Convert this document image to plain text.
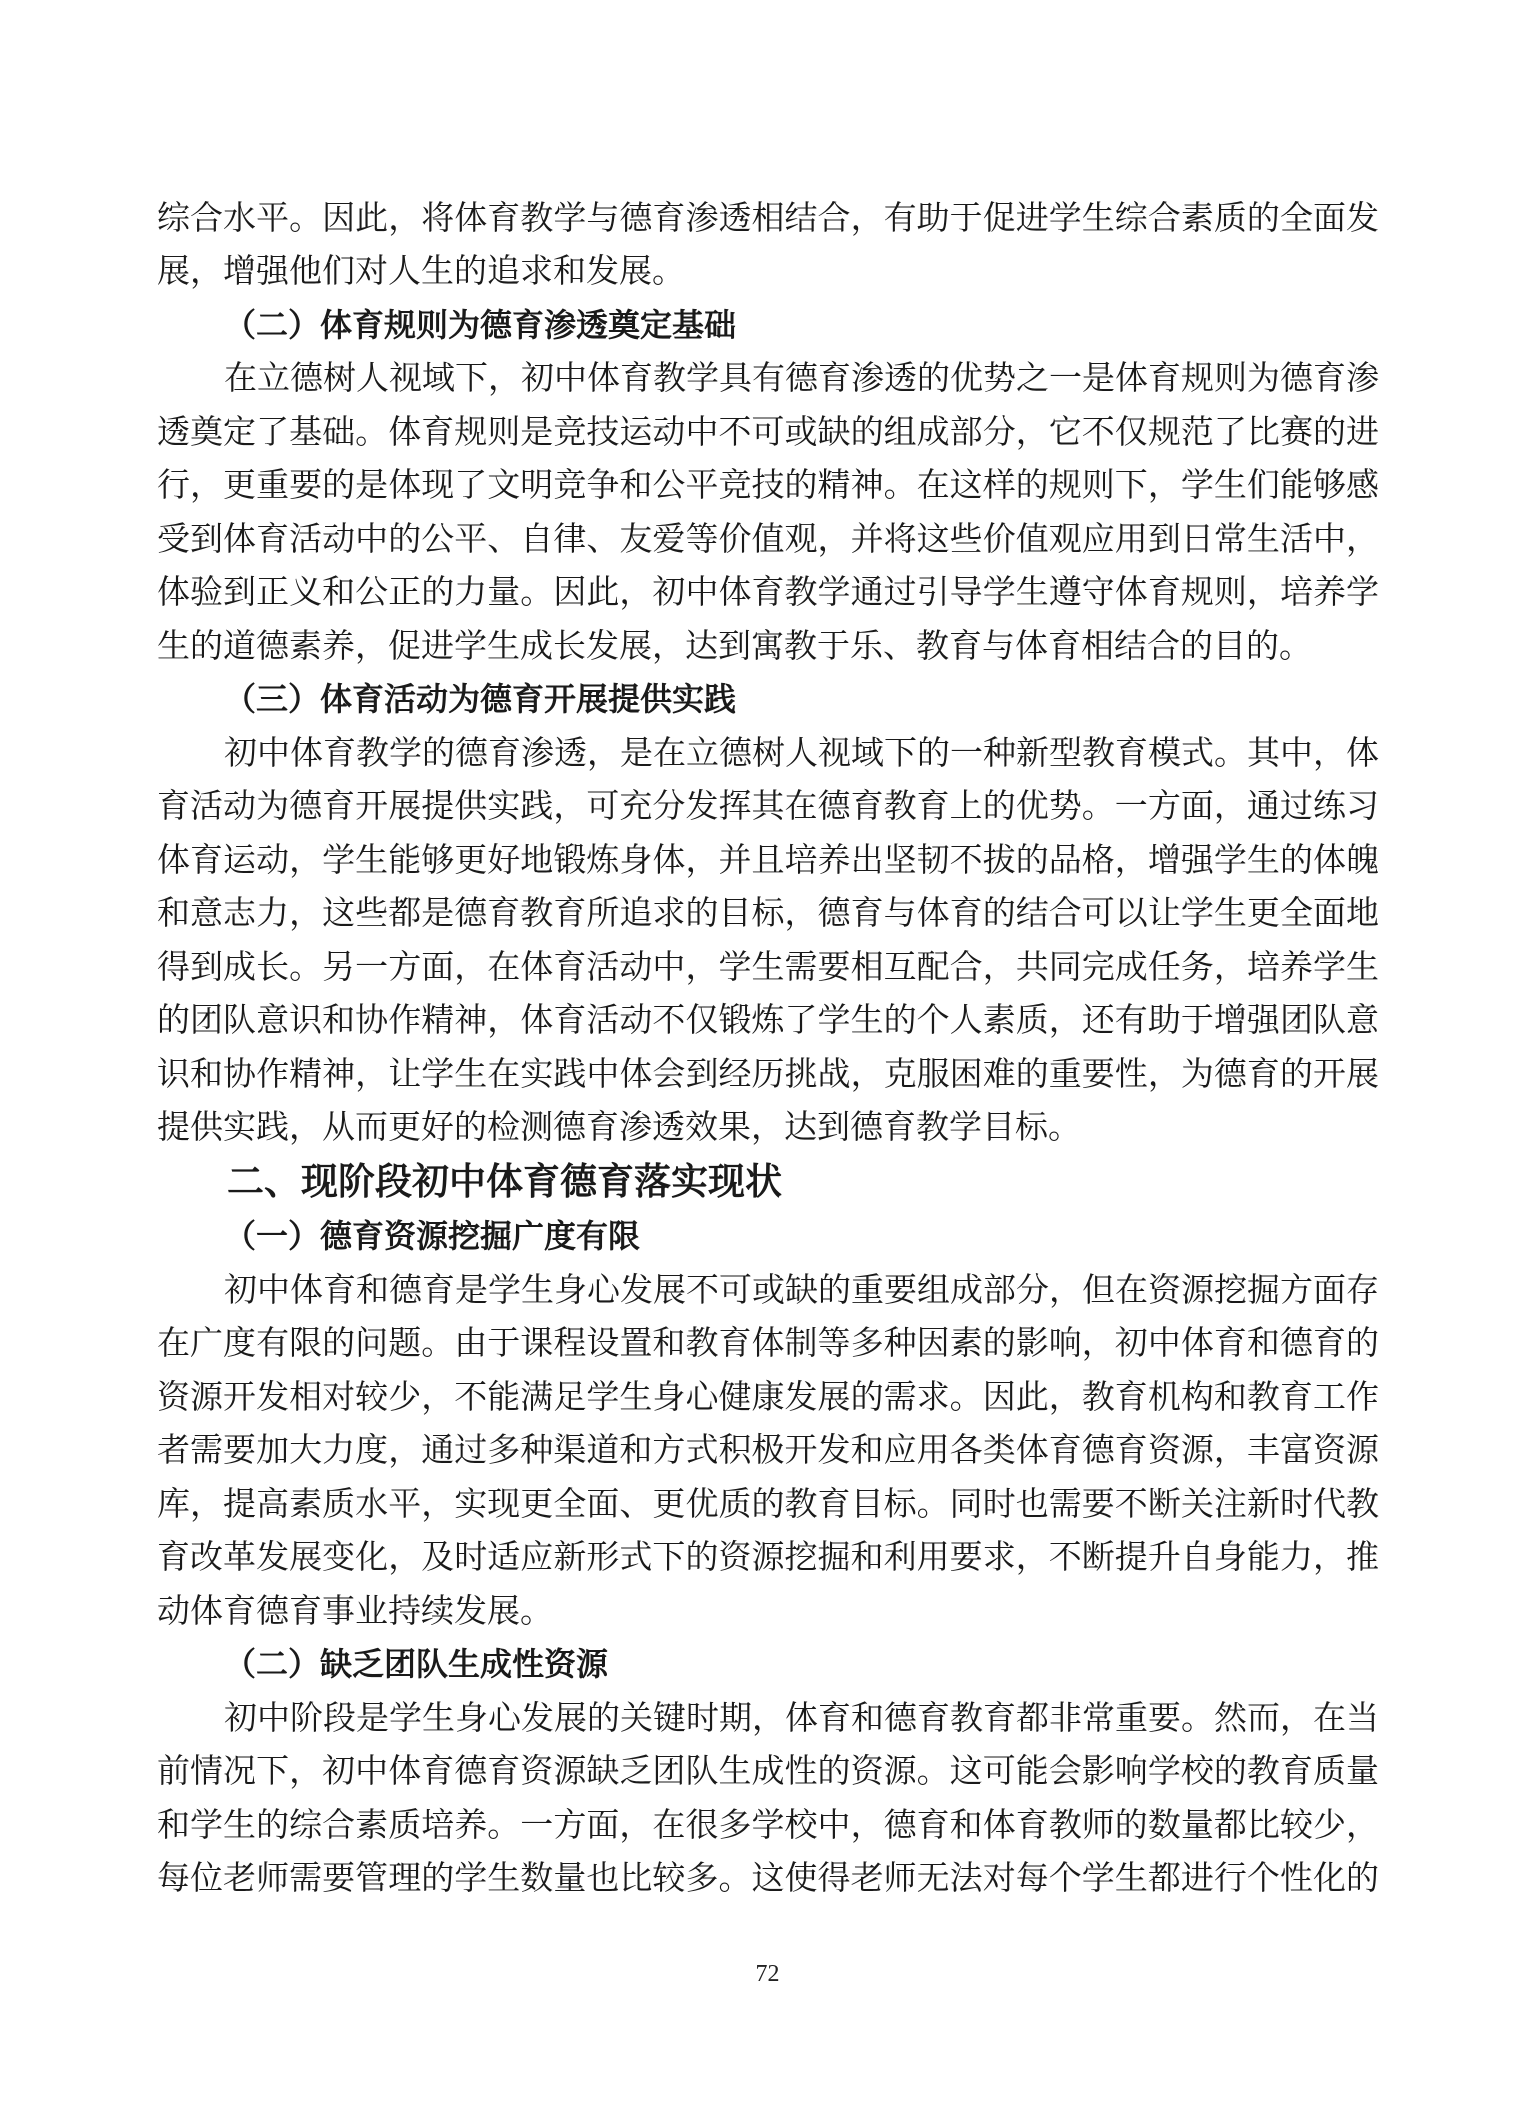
综合水平。因此，将体育教学与德育渗透相结合，有助于促进学生综合素质的全面发
展，增强他们对人生的追求和发展。
（二）体育规则为德育渗透奠定基础
在立德树人视域下，初中体育教学具有德育渗透的优势之一是体育规则为德育渗
透奠定了基础。体育规则是竞技运动中不可或缺的组成部分，它不仅规范了比赛的进
行，更重要的是体现了文明竞争和公平竞技的精神。在这样的规则下，学生们能够感
受到体育活动中的公平、自律、友爱等价值观，并将这些价值观应用到日常生活中，
体验到正义和公正的力量。因此，初中体育教学通过引导学生遵守体育规则，培养学
生的道德素养，促进学生成长发展，达到寓教于乐、教育与体育相结合的目的。
（三）体育活动为德育开展提供实践
初中体育教学的德育渗透，是在立德树人视域下的一种新型教育模式。其中，体
育活动为德育开展提供实践，可充分发挥其在德育教育上的优势。一方面，通过练习
体育运动，学生能够更好地锻炼身体，并且培养出坚韧不拔的品格，增强学生的体魄
和意志力，这些都是德育教育所追求的目标，德育与体育的结合可以让学生更全面地
得到成长。另一方面，在体育活动中，学生需要相互配合，共同完成任务，培养学生
的团队意识和协作精神，体育活动不仅锻炼了学生的个人素质，还有助于增强团队意
识和协作精神，让学生在实践中体会到经历挑战，克服困难的重要性，为德育的开展
提供实践，从而更好的检测德育渗透效果，达到德育教学目标。
二、现阶段初中体育德育落实现状
（一）德育资源挖掘广度有限
初中体育和德育是学生身心发展不可或缺的重要组成部分，但在资源挖掘方面存
在广度有限的问题。由于课程设置和教育体制等多种因素的影响，初中体育和德育的
资源开发相对较少，不能满足学生身心健康发展的需求。因此，教育机构和教育工作
者需要加大力度，通过多种渠道和方式积极开发和应用各类体育德育资源，丰富资源
库，提高素质水平，实现更全面、更优质的教育目标。同时也需要不断关注新时代教
育改革发展变化，及时适应新形式下的资源挖掘和利用要求，不断提升自身能力，推
动体育德育事业持续发展。
（二）缺乏团队生成性资源
初中阶段是学生身心发展的关键时期，体育和德育教育都非常重要。然而，在当
前情况下，初中体育德育资源缺乏团队生成性的资源。这可能会影响学校的教育质量
和学生的综合素质培养。一方面，在很多学校中，德育和体育教师的数量都比较少，
每位老师需要管理的学生数量也比较多。这使得老师无法对每个学生都进行个性化的
72
